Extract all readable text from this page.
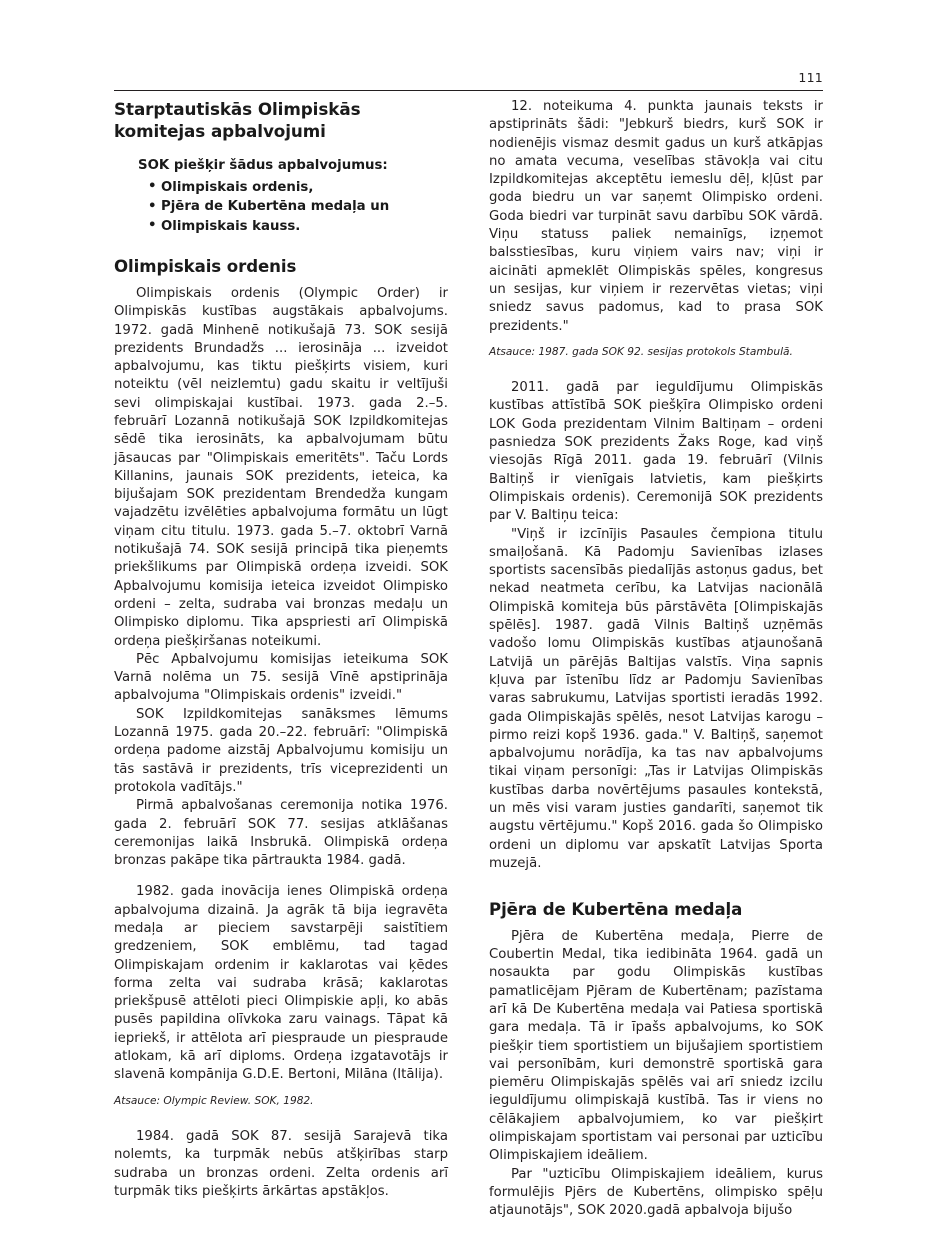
111
Starptautiskās Olimpiskās komitejas apbalvojumi

SOK piešķir šādus apbalvojumus:

• Olimpiskais ordenis,
• Pjēra de Kubertēna medaļa un
• Olimpiskais kauss.
Olimpiskais ordenis

Olimpiskais ordenis (Olympic Order) ir Olimpiskās kustības augstākais apbalvojums. 1972. gadā Minhenē notikušajā 73. SOK sesijā prezidents Brundadžs ... ierosināja ... izveidot apbalvojumu, kas tiktu piešķirts visiem, kuri noteiktu (vēl neizlemtu) gadu skaitu ir veltījuši sevi olimpiskajai kustībai. 1973. gada 2.–5. februārī Lozannā notikušajā SOK Izpildkomitejas sēdē tika ierosināts, ka apbalvojumam būtu jāsaucas par "Olimpiskais emeritēts". Taču Lords Killanins, jaunais SOK prezidents, ieteica, ka bijušajam SOK prezidentam Brendedža kungam vajadzētu izvēlēties apbalvojuma formātu un lūgt viņam citu titulu. 1973. gada 5.–7. oktobrī Varnā notikušajā 74. SOK sesijā principā tika pieņemts priekšlikums par Olimpiskā ordeņa izveidi. SOK Apbalvojumu komisija ieteica izveidot Olimpisko ordeni – zelta, sudraba vai bronzas medaļu un Olimpisko diplomu. Tika apspriesti arī Olimpiskā ordeņa piešķiršanas noteikumi.

Pēc Apbalvojumu komisijas ieteikuma SOK Varnā nolēma un 75. sesijā Vīnē apstiprināja apbalvojuma "Olimpiskais ordenis" izveidi."

SOK Izpildkomitejas sanāksmes lēmums Lozannā 1975. gada 20.–22. februārī: "Olimpiskā ordeņa padome aizstāj Apbalvojumu komisiju un tās sastāvā ir prezidents, trīs viceprezidenti un protokola vadītājs."

Pirmā apbalvošanas ceremonija notika 1976. gada 2. februārī SOK 77. sesijas atklāšanas ceremonijas laikā Insbrukā. Olimpiskā ordeņa bronzas pakāpe tika pārtraukta 1984. gadā.

1982. gada inovācija ienes Olimpiskā ordeņa apbalvojuma dizainā. Ja agrāk tā bija iegravēta medaļa ar pieciem savstarpēji saistītiem gredzeniem, SOK emblēmu, tad tagad Olimpiskajam ordenim ir kaklarotas vai ķēdes forma zelta vai sudraba krāsā; kaklarotas priekšpusē attēloti pieci Olimpiskie apļi, ko abās pusēs papildina olīvkoka zaru vainags. Tāpat kā iepriekš, ir attēlota arī piespraude un piespraude atlokam, kā arī diploms. Ordeņa izgatavotājs ir slavenā kompānija G.D.E. Bertoni, Milāna (Itālija).

Atsauce: Olympic Review. SOK, 1982.

1984. gadā SOK 87. sesijā Sarajevā tika nolemts, ka turpmāk nebūs atšķirības starp sudraba un bronzas ordeni. Zelta ordenis arī turpmāk tiks piešķirts ārkārtas apstākļos.

12. noteikuma 4. punkta jaunais teksts ir apstiprināts šādi: "Jebkurš biedrs, kurš SOK ir nodienējis vismaz desmit gadus un kurš atkāpjas no amata vecuma, veselības stāvokļa vai citu Izpildkomitejas akceptētu iemeslu dēļ, kļūst par goda biedru un var saņemt Olimpisko ordeni. Goda biedri var turpināt savu darbību SOK vārdā. Viņu statuss paliek nemainīgs, izņemot balsstiesības, kuru viņiem vairs nav; viņi ir aicināti apmeklēt Olimpiskās spēles, kongresus un sesijas, kur viņiem ir rezervētas vietas; viņi sniedz savus padomus, kad to prasa SOK prezidents."

Atsauce: 1987. gada SOK 92. sesijas protokols Stambulā.

2011. gadā par ieguldījumu Olimpiskās kustības attīstībā SOK piešķīra Olimpisko ordeni LOK Goda prezidentam Vilnim Baltiņam – ordeni pasniedza SOK prezidents Žaks Roge, kad viņš viesojās Rīgā 2011. gada 19. februārī (Vilnis Baltiņš ir vienīgais latvietis, kam piešķirts Olimpiskais ordenis). Ceremonijā SOK prezidents par V. Baltiņu teica:

"Viņš ir izcīnījis Pasaules čempiona titulu smaiļošanā. Kā Padomju Savienības izlases sportists sacensībās piedalījās astoņus gadus, bet nekad neatmeta cerību, ka Latvijas nacionālā Olimpiskā komiteja būs pārstāvēta [Olimpiskajās spēlēs]. 1987. gadā Vilnis Baltiņš uzņēmās vadošo lomu Olimpiskās kustības atjaunošanā Latvijā un pārējās Baltijas valstīs. Viņa sapnis kļuva par īstenību līdz ar Padomju Savienības varas sabrukumu, Latvijas sportisti ieradās 1992. gada Olimpiskajās spēlēs, nesot Latvijas karogu – pirmo reizi kopš 1936. gada." V. Baltiņš, saņemot apbalvojumu norādīja, ka tas nav apbalvojums tikai viņam personīgi: „Tas ir Latvijas Olimpiskās kustības darba novērtējums pasaules kontekstā, un mēs visi varam justies gandarīti, saņemot tik augstu vērtējumu." Kopš 2016. gada šo Olimpisko ordeni un diplomu var apskatīt Latvijas Sporta muzejā.

Pjēra de Kubertēna medaļa

Pjēra de Kubertēna medaļa, Pierre de Coubertin Medal, tika iedibināta 1964. gadā un nosaukta par godu Olimpiskās kustības pamatlicējam Pjēram de Kubertēnam; pazīstama arī kā De Kubertēna medaļa vai Patiesa sportiskā gara medaļa. Tā ir īpašs apbalvojums, ko SOK piešķir tiem sportistiem un bijušajiem sportistiem vai personībām, kuri demonstrē sportiskā gara piemēru Olimpiskajās spēlēs vai arī sniedz izcilu ieguldījumu olimpiskajā kustībā. Tas ir viens no cēlākajiem apbalvojumiem, ko var piešķirt olimpiskajam sportistam vai personai par uzticību Olimpiskajiem ideāliem.

Par "uzticību Olimpiskajiem ideāliem, kurus formulējis Pjērs de Kubertēns, olimpisko spēļu atjaunotājs", SOK 2020.gadā apbalvoja bijušo
